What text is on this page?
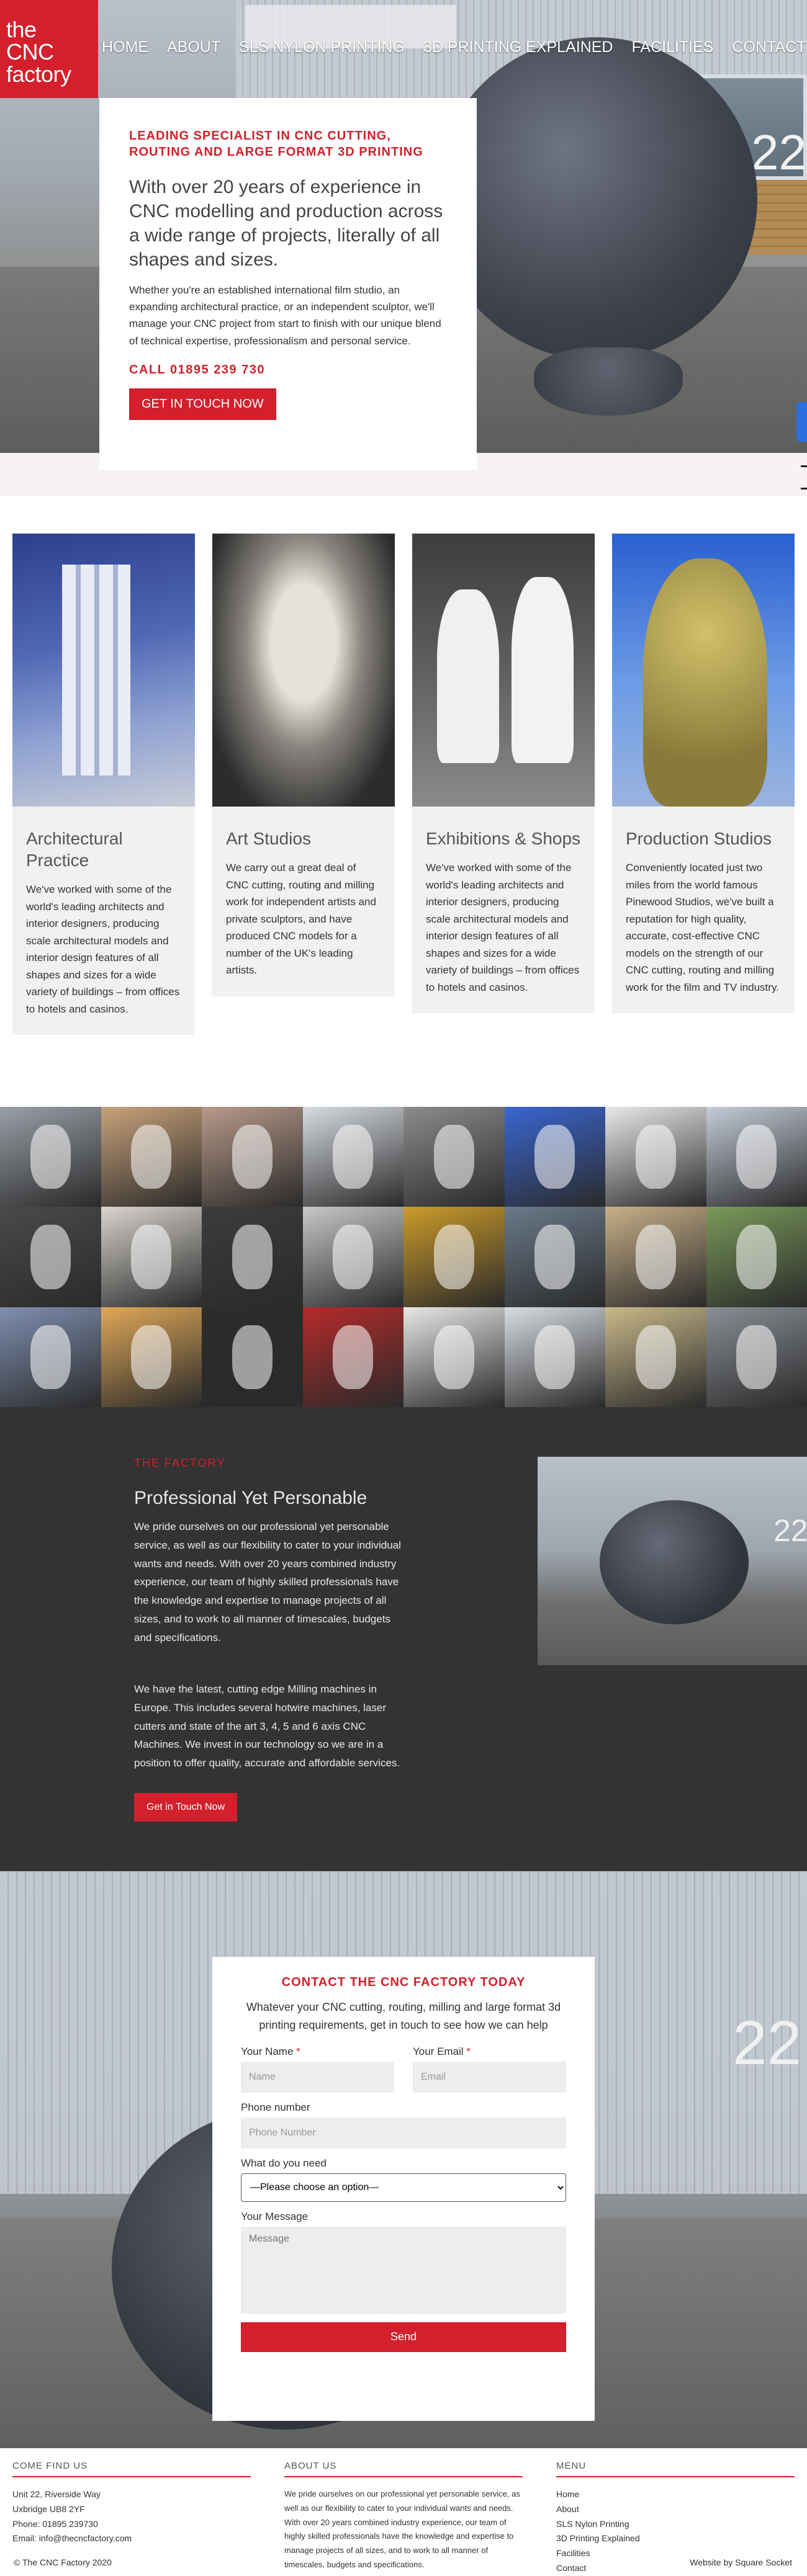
22
the
CNC
factory
HOME ABOUT SLS NYLON PRINTING 3D PRINTING EXPLAINED FACILITIES CONTACT
LEADING SPECIALIST IN CNC CUTTING, ROUTING AND LARGE FORMAT 3D PRINTING
With over 20 years of experience in CNC modelling and production across a wide range of projects, literally of all shapes and sizes.
Whether you're an established international film studio, an expanding architectural practice, or an independent sculptor, we'll manage your CNC project from start to finish with our unique blend of technical expertise, professionalism and personal service.
CALL 01895 239 730
GET IN TOUCH NOW
Architectural Practice

We've worked with some of the world's leading architects and interior designers, producing scale architectural models and interior design features of all shapes and sizes for a wide variety of buildings – from offices to hotels and casinos.

Art Studios

We carry out a great deal of CNC cutting, routing and milling work for independent artists and private sculptors, and have produced CNC models for a number of the UK's leading artists.

Exhibitions & Shops

We've worked with some of the world's leading architects and interior designers, producing scale architectural models and interior design features of all shapes and sizes for a wide variety of buildings – from offices to hotels and casinos.

Production Studios

Conveniently located just two miles from the world famous Pinewood Studios, we've built a reputation for high quality, accurate, cost-effective CNC models on the strength of our CNC cutting, routing and milling work for the film and TV industry.

THE FACTORY
Professional Yet Personable

We pride ourselves on our professional yet personable service, as well as our flexibility to cater to your individual wants and needs. With over 20 years combined industry experience, our team of highly skilled professionals have the knowledge and expertise to manage projects of all sizes, and to work to all manner of timescales, budgets and specifications.

We have the latest, cutting edge Milling machines in Europe. This includes several hotwire machines, laser cutters and state of the art 3, 4, 5 and 6 axis CNC Machines. We invest in our technology so we are in a position to offer quality, accurate and affordable services.

Get in Touch Now
22
22
CONTACT THE CNC FACTORY TODAY

Whatever your CNC cutting, routing, milling and large format 3d printing requirements, get in touch to see how we can help

Your Name *
Name	Your Email *
Email
Phone number
Phone Number
What do you need
—Please choose an option—
Your Message
Message
Send
COME FIND US
Unit 22, Riverside Way
Uxbridge UB8 2YF
Phone: 01895 239730
Email: info@thecncfactory.com
ABOUT US

We pride ourselves on our professional yet personable service, as well as our flexibility to cater to your individual wants and needs. With over 20 years combined industry experience, our team of highly skilled professionals have the knowledge and expertise to manage projects of all sizes, and to work to all manner of timescales, budgets and specifications.

MENU
Home
About
SLS Nylon Printing
3D Printing Explained
Facilities
Contact
© The CNC Factory 2020	Website by Square Socket
